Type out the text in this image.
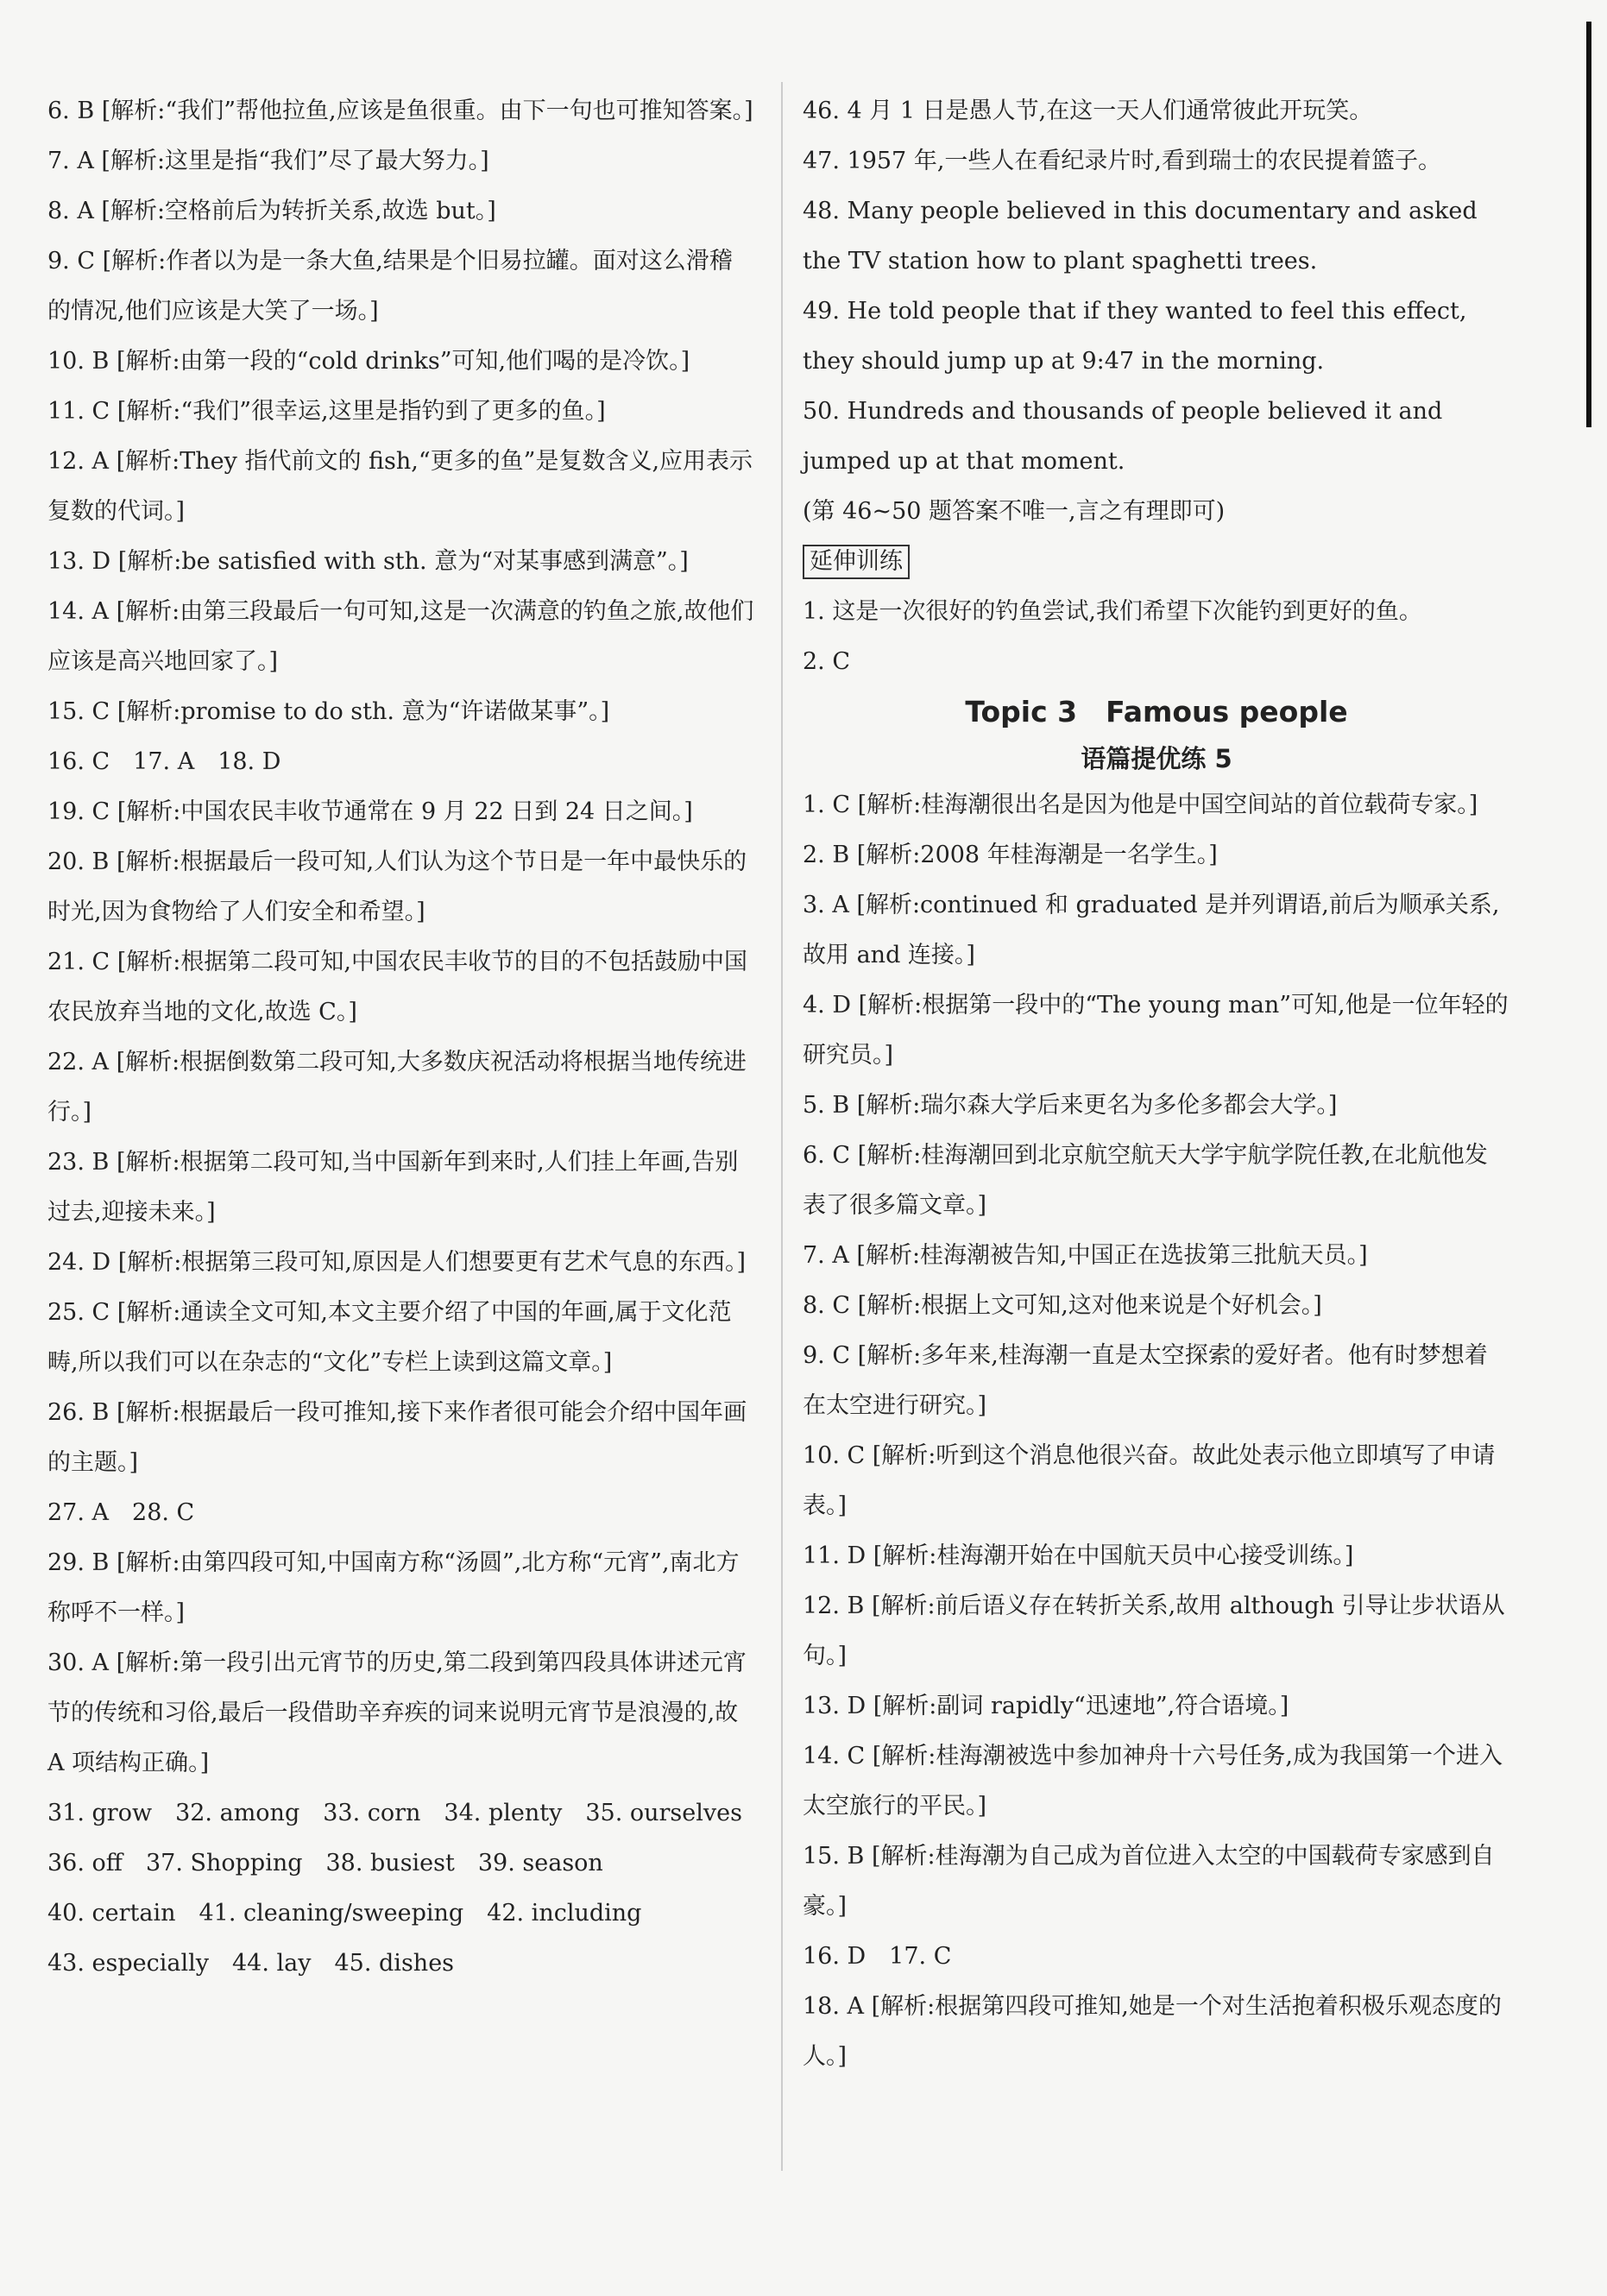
6. B [解析:“我们”帮他拉鱼,应该是鱼很重。由下一句也可推知答案。]
7. A [解析:这里是指“我们”尽了最大努力。]
8. A [解析:空格前后为转折关系,故选 but。]
9. C [解析:作者以为是一条大鱼,结果是个旧易拉罐。面对这么滑稽的情况,他们应该是大笑了一场。]
10. B [解析:由第一段的“cold drinks”可知,他们喝的是冷饮。]
11. C [解析:“我们”很幸运,这里是指钓到了更多的鱼。]
12. A [解析:They 指代前文的 fish,“更多的鱼”是复数含义,应用表示复数的代词。]
13. D [解析:be satisfied with sth. 意为“对某事感到满意”。]
14. A [解析:由第三段最后一句可知,这是一次满意的钓鱼之旅,故他们应该是高兴地回家了。]
15. C [解析:promise to do sth. 意为“许诺做某事”。]
16. C　17. A　18. D
19. C [解析:中国农民丰收节通常在 9 月 22 日到 24 日之间。]
20. B [解析:根据最后一段可知,人们认为这个节日是一年中最快乐的时光,因为食物给了人们安全和希望。]
21. C [解析:根据第二段可知,中国农民丰收节的目的不包括鼓励中国农民放弃当地的文化,故选 C。]
22. A [解析:根据倒数第二段可知,大多数庆祝活动将根据当地传统进行。]
23. B [解析:根据第二段可知,当中国新年到来时,人们挂上年画,告别过去,迎接未来。]
24. D [解析:根据第三段可知,原因是人们想要更有艺术气息的东西。]
25. C [解析:通读全文可知,本文主要介绍了中国的年画,属于文化范畴,所以我们可以在杂志的“文化”专栏上读到这篇文章。]
26. B [解析:根据最后一段可推知,接下来作者很可能会介绍中国年画的主题。]
27. A　28. C
29. B [解析:由第四段可知,中国南方称“汤圆”,北方称“元宵”,南北方称呼不一样。]
30. A [解析:第一段引出元宵节的历史,第二段到第四段具体讲述元宵节的传统和习俗,最后一段借助辛弃疾的词来说明元宵节是浪漫的,故 A 项结构正确。]
31. grow　32. among　33. corn　34. plenty　35. ourselves
36. off　37. Shopping　38. busiest　39. season
40. certain　41. cleaning/sweeping　42. including
43. especially　44. lay　45. dishes
46. 4 月 1 日是愚人节,在这一天人们通常彼此开玩笑。
47. 1957 年,一些人在看纪录片时,看到瑞士的农民提着篮子。
48. Many people believed in this documentary and asked the TV station how to plant spaghetti trees.
49. He told people that if they wanted to feel this effect, they should jump up at 9:47 in the morning.
50. Hundreds and thousands of people believed it and jumped up at that moment.
(第 46~50 题答案不唯一,言之有理即可)
延伸训练
1. 这是一次很好的钓鱼尝试,我们希望下次能钓到更好的鱼。
2. C
Topic 3　Famous people
语篇提优练 5
1. C [解析:桂海潮很出名是因为他是中国空间站的首位载荷专家。]
2. B [解析:2008 年桂海潮是一名学生。]
3. A [解析:continued 和 graduated 是并列谓语,前后为顺承关系,故用 and 连接。]
4. D [解析:根据第一段中的“The young man”可知,他是一位年轻的研究员。]
5. B [解析:瑞尔森大学后来更名为多伦多都会大学。]
6. C [解析:桂海潮回到北京航空航天大学宇航学院任教,在北航他发表了很多篇文章。]
7. A [解析:桂海潮被告知,中国正在选拔第三批航天员。]
8. C [解析:根据上文可知,这对他来说是个好机会。]
9. C [解析:多年来,桂海潮一直是太空探索的爱好者。他有时梦想着在太空进行研究。]
10. C [解析:听到这个消息他很兴奋。故此处表示他立即填写了申请表。]
11. D [解析:桂海潮开始在中国航天员中心接受训练。]
12. B [解析:前后语义存在转折关系,故用 although 引导让步状语从句。]
13. D [解析:副词 rapidly“迅速地”,符合语境。]
14. C [解析:桂海潮被选中参加神舟十六号任务,成为我国第一个进入太空旅行的平民。]
15. B [解析:桂海潮为自己成为首位进入太空的中国载荷专家感到自豪。]
16. D　17. C
18. A [解析:根据第四段可推知,她是一个对生活抱着积极乐观态度的人。]
